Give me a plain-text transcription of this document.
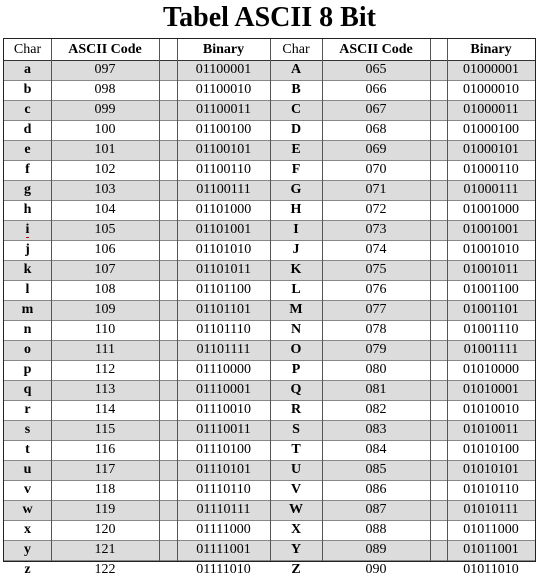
Tabel ASCII 8 Bit
Char	ASCII Code	Binary	Char	ASCII Code	Binary
a	097	01100001	A	065	01000001
b	098	01100010	B	066	01000010
c	099	01100011	C	067	01000011
d	100	01100100	D	068	01000100
e	101	01100101	E	069	01000101
f	102	01100110	F	070	01000110
g	103	01100111	G	071	01000111
h	104	01101000	H	072	01001000
i	105	01101001	I	073	01001001
j	106	01101010	J	074	01001010
k	107	01101011	K	075	01001011
l	108	01101100	L	076	01001100
m	109	01101101	M	077	01001101
n	110	01101110	N	078	01001110
o	111	01101111	O	079	01001111
p	112	01110000	P	080	01010000
q	113	01110001	Q	081	01010001
r	114	01110010	R	082	01010010
s	115	01110011	S	083	01010011
t	116	01110100	T	084	01010100
u	117	01110101	U	085	01010101
v	118	01110110	V	086	01010110
w	119	01110111	W	087	01010111
x	120	01111000	X	088	01011000
y	121	01111001	Y	089	01011001
z	122	01111010	Z	090	01011010
